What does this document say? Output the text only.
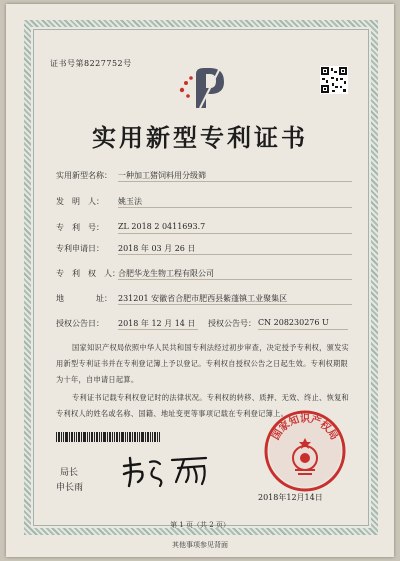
证书号第8227752号
实用新型专利证书
实用新型名称： 一种加工猪饲料用分级筛
发　明　人： 姚玉法
专　利　号： ZL 2018 2 0411693.7
专利申请日： 2018 年 03 月 26 日
专　利　权　人：
合肥华龙生物工程有限公司
地　　　　址： 231201 安徽省合肥市肥西县紫蓬镇工业聚集区
授权公告日： 2018 年 12 月 14 日 授权公告号： CN 208230276 U
国家知识产权局依照中华人民共和国专利法经过初步审查，决定授予专利权，颁发实用新型专利证书并在专利登记簿上予以登记。专利权自授权公告之日起生效。专利权期限为十年，自申请日起算。
专利证书记载专利权登记时的法律状况。专利权的转移、质押、无效、终止、恢复和专利权人的姓名或名称、国籍、地址变更等事项记载在专利登记簿上。
局长
申长雨
国家知识产权局
2018年12月14日
第 1 页（共 2 页）
其他事项参见背面
